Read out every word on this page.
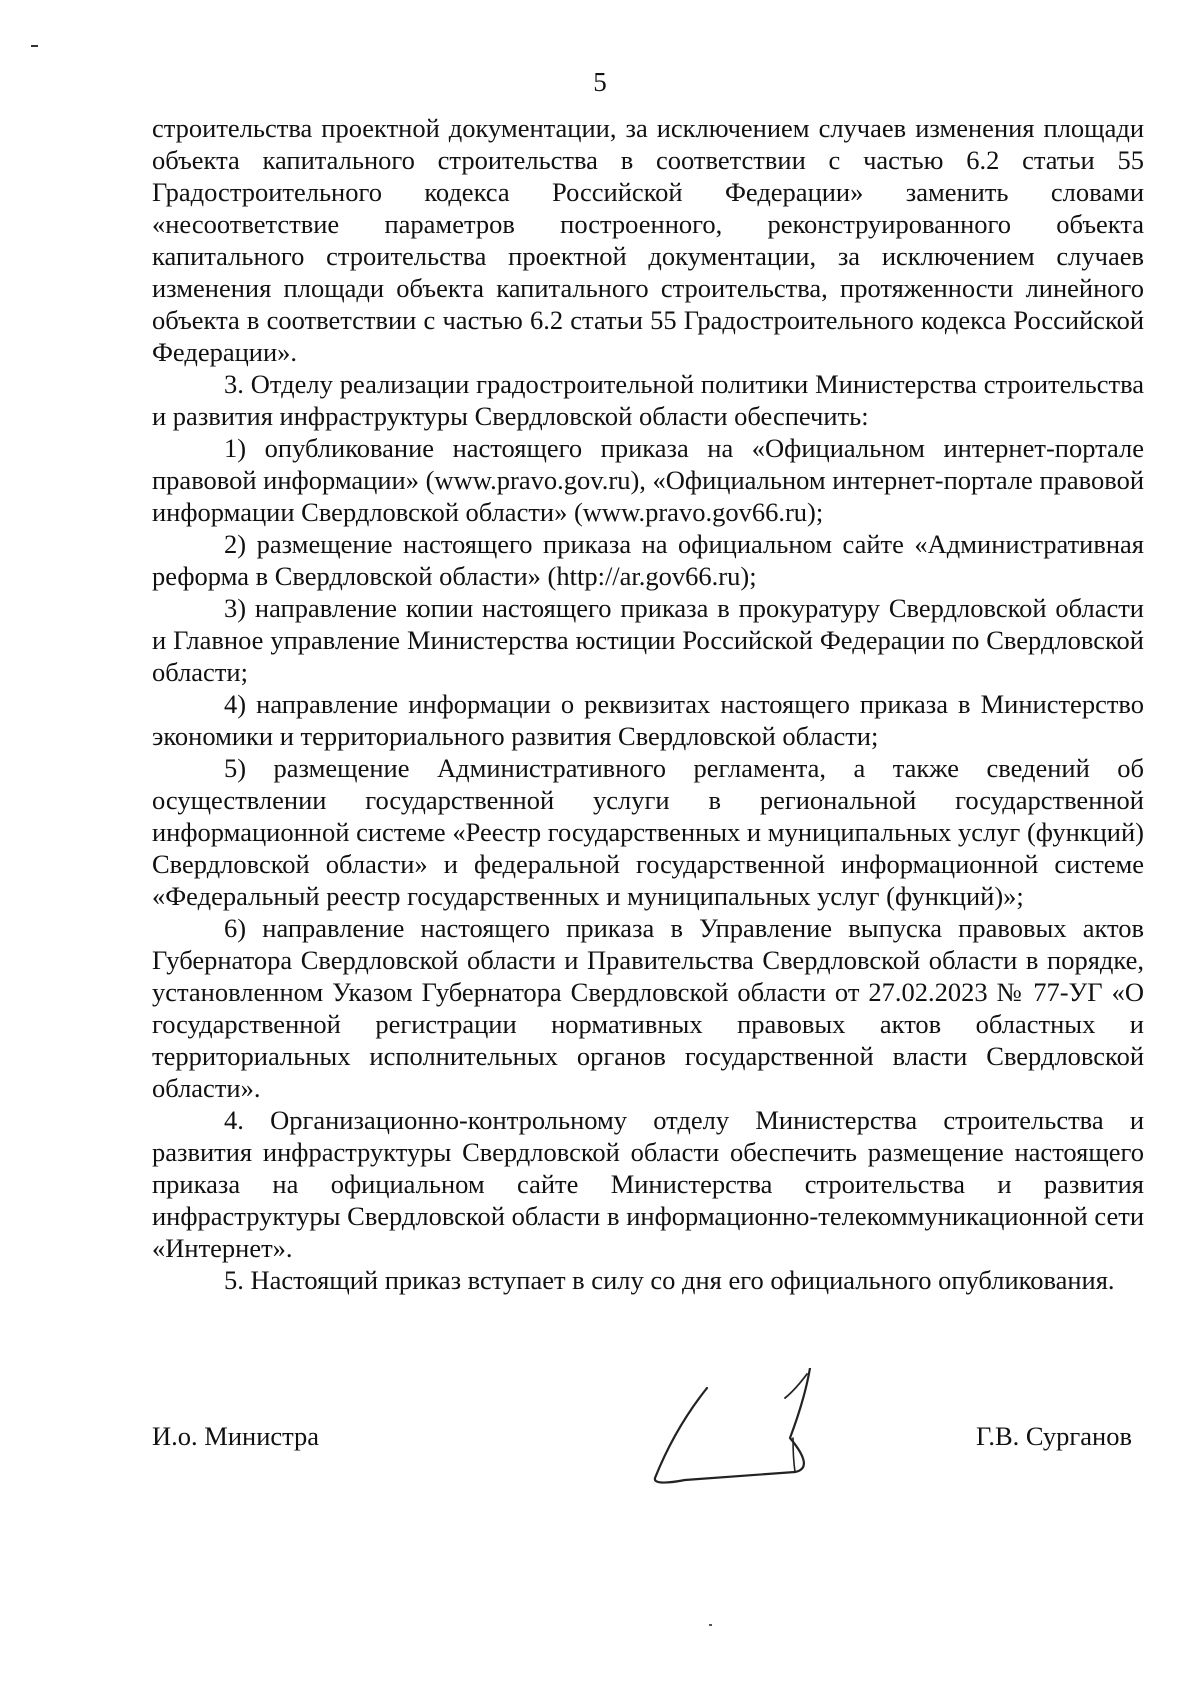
5

строительства проектной документации, за исключением случаев изменения площади объекта капитального строительства в соответствии с частью 6.2 статьи 55 Градостроительного кодекса Российской Федерации» заменить словами «несоответствие параметров построенного, реконструированного объекта капитального строительства проектной документации, за исключением случаев изменения площади объекта капитального строительства, протяженности линейного объекта в соответствии с частью 6.2 статьи 55 Градостроительного кодекса Российской Федерации».

3. Отделу реализации градостроительной политики Министерства строительства и развития инфраструктуры Свердловской области обеспечить:

1) опубликование настоящего приказа на «Официальном интернет-портале правовой информации» (www.pravo.gov.ru), «Официальном интернет-портале правовой информации Свердловской области» (www.pravo.gov66.ru);

2) размещение настоящего приказа на официальном сайте «Административная реформа в Свердловской области» (http://ar.gov66.ru);

3) направление копии настоящего приказа в прокуратуру Свердловской области и Главное управление Министерства юстиции Российской Федерации по Свердловской области;

4) направление информации о реквизитах настоящего приказа в Министерство экономики и территориального развития Свердловской области;

5) размещение Административного регламента, а также сведений об осуществлении государственной услуги в региональной государственной информационной системе «Реестр государственных и муниципальных услуг (функций) Свердловской области» и федеральной государственной информационной системе «Федеральный реестр государственных и муниципальных услуг (функций)»;

6) направление настоящего приказа в Управление выпуска правовых актов Губернатора Свердловской области и Правительства Свердловской области в порядке, установленном Указом Губернатора Свердловской области от 27.02.2023 № 77-УГ «О государственной регистрации нормативных правовых актов областных и территориальных исполнительных органов государственной власти Свердловской области».

4. Организационно-контрольному отделу Министерства строительства и развития инфраструктуры Свердловской области обеспечить размещение настоящего приказа на официальном сайте Министерства строительства и развития инфраструктуры Свердловской области в информационно-телекоммуникационной сети «Интернет».

5. Настоящий приказ вступает в силу со дня его официального опубликования.

И.о. Министра	Г.В. Сурганов
